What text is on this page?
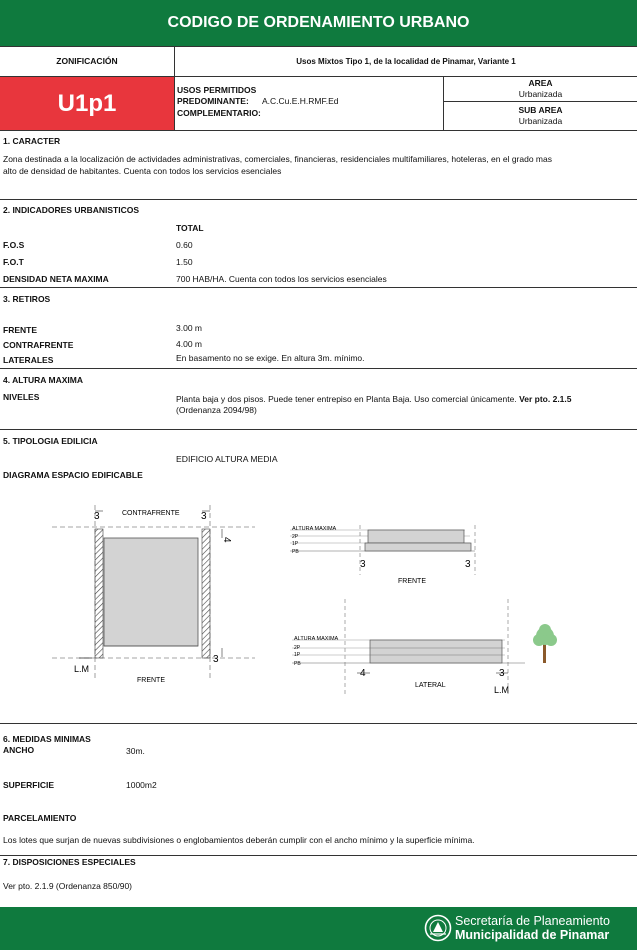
CODIGO DE ORDENAMIENTO URBANO
ZONIFICACIÓN	Usos Mixtos Tipo 1, de la localidad de Pinamar, Variante 1
U1p1	USOS PERMITIDOS
PREDOMINANTE: A.C.Cu.E.H.RMF.Ed
COMPLEMENTARIO:
AREA
Urbanizada
SUB AREA
Urbanizada
1. CARACTER
Zona destinada a la localización de actividades administrativas, comerciales, financieras, residenciales multifamiliares, hoteleras, en el grado mas
alto de densidad de habitantes. Cuenta con todos los servicios esenciales
2. INDICADORES URBANISTICOS
TOTAL
F.O.S	0.60
F.O.T	1.50
DENSIDAD NETA MAXIMA	700 HAB/HA. Cuenta con todos los servicios esenciales
3. RETIROS
FRENTE	3.00 m
CONTRAFRENTE	4.00 m
LATERALES	En basamento no se exige. En altura 3m. mínimo.
4. ALTURA MAXIMA
NIVELES	Planta baja y dos pisos. Puede tener entrepiso en Planta Baja. Uso comercial únicamente. Ver pto. 2.1.5
(Ordenanza 2094/98)
5. TIPOLOGIA EDILICIA
EDIFICIO ALTURA MEDIA
DIAGRAMA ESPACIO EDIFICABLE
3	3
4
3
CONTRAFRENTE
FRENTE
L.M
ALTURA MAXIMA
2P
1P
PB
3	3
FRENTE
ALTURA MAXIMA
2P
1P
PB
4	3
LATERAL	L.M
6. MEDIDAS MINIMAS
ANCHO	30m.
SUPERFICIE	1000m2
PARCELAMIENTO
Los lotes que surjan de nuevas subdivisiones o englobamientos deberán cumplir con el ancho mínimo y la superficie mínima.
7. DISPOSICIONES ESPECIALES
Ver pto. 2.1.9 (Ordenanza 850/90)
Secretaría de Planeamiento
Municipalidad de Pinamar
